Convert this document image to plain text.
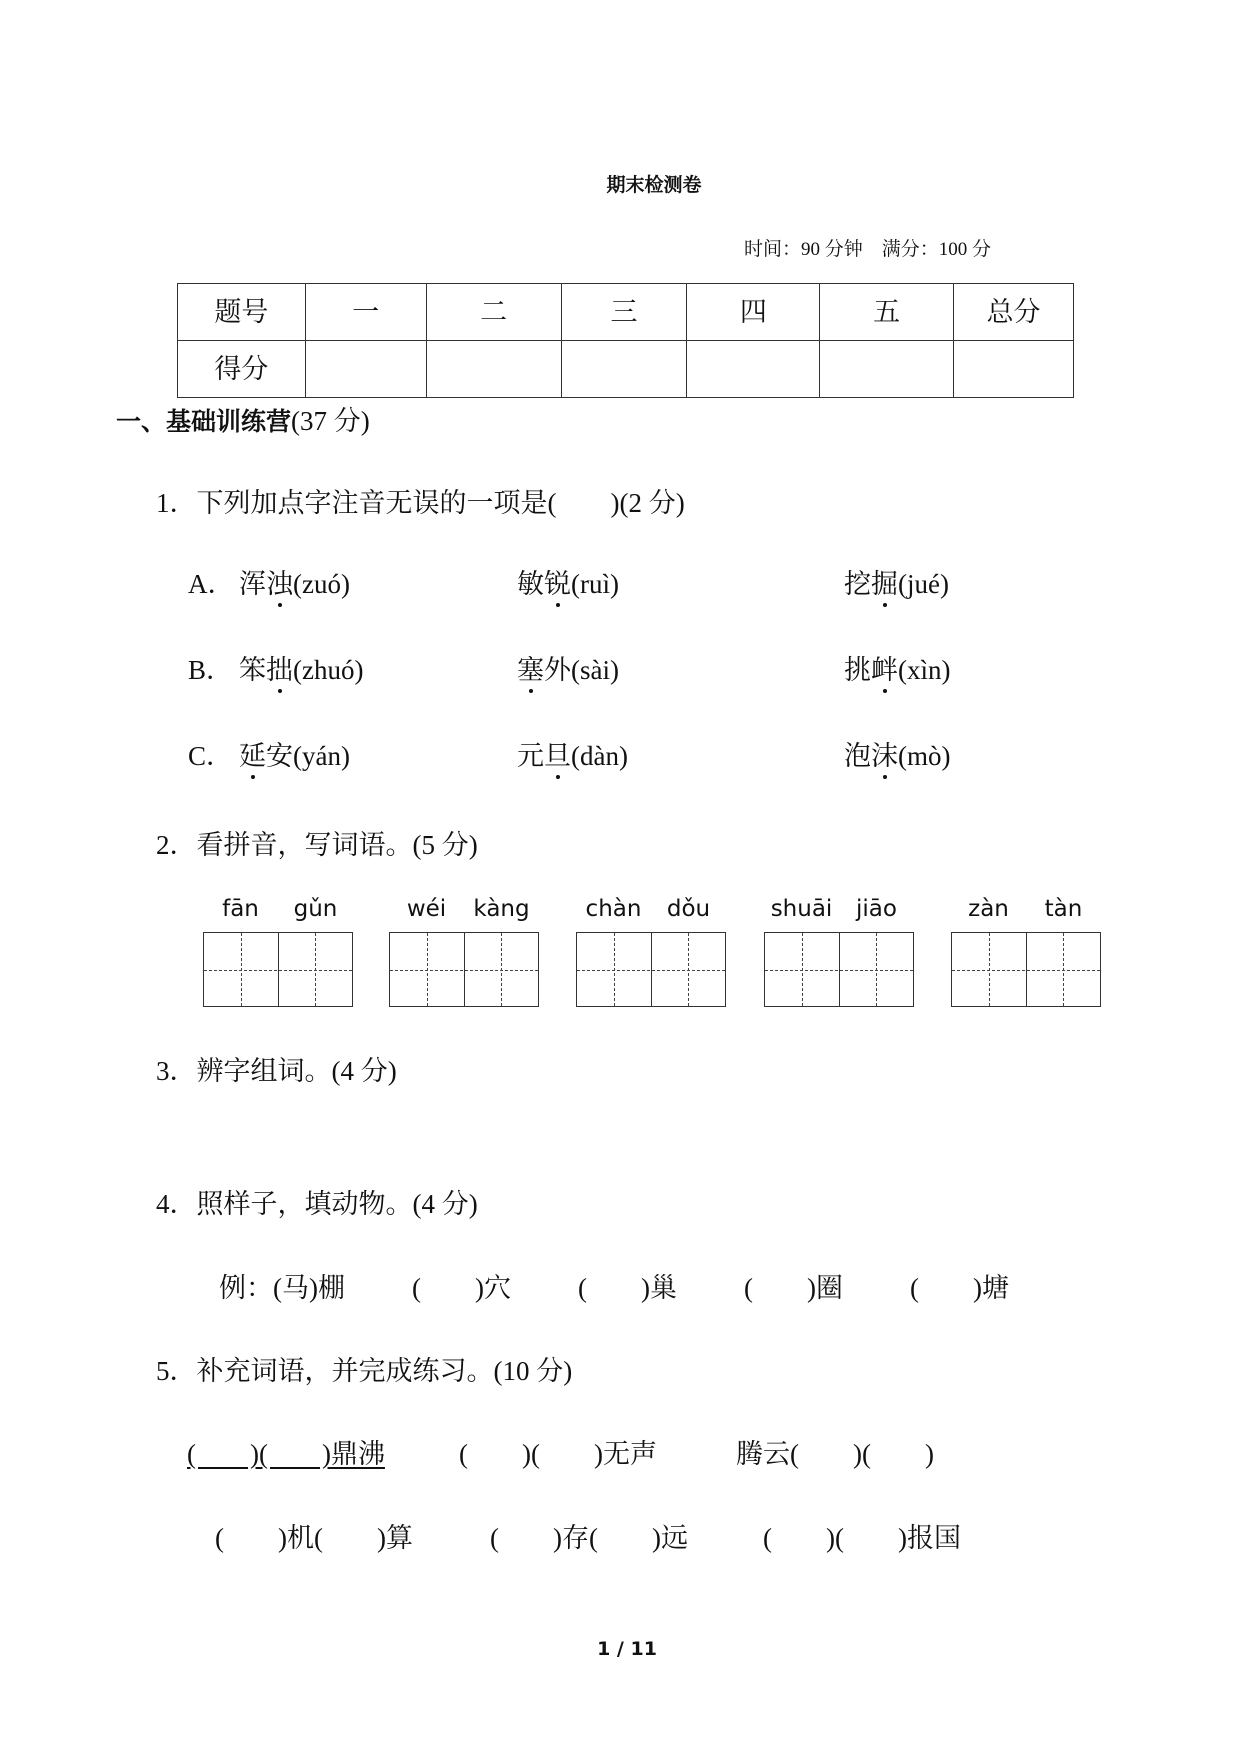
期末检测卷
时间：90 分钟　满分：100 分
题号	一	二	三	四	五	总分
得分						
一、基础训练营(37 分)
1．下列加点字注音无误的一项是(　　)(2 分)
A． 浑浊(zuó)	敏锐(ruì)	挖掘(jué)
B． 笨拙(zhuó)	塞外(sài)	挑衅(xìn)
C． 延安(yán)	元旦(dàn)	泡沫(mò)
2．看拼音，写词语。(5 分)
fān	gǔn	wéi	kàng	chàn	dǒu	shuāi	jiāo	zàn	tàn
3．辨字组词。(4 分)
4．照样子，填动物。(4 分)
例：(马)棚 (　　)穴 (　　)巢 (　　)圈 (　　)塘
5．补充词语，并完成练习。(10 分)
(　　)(　　)鼎沸	(　　)(　　)无声	腾云(　　)(　　)
(　　)机(　　)算	(　　)存(　　)远	(　　)(　　)报国
1 / 11
